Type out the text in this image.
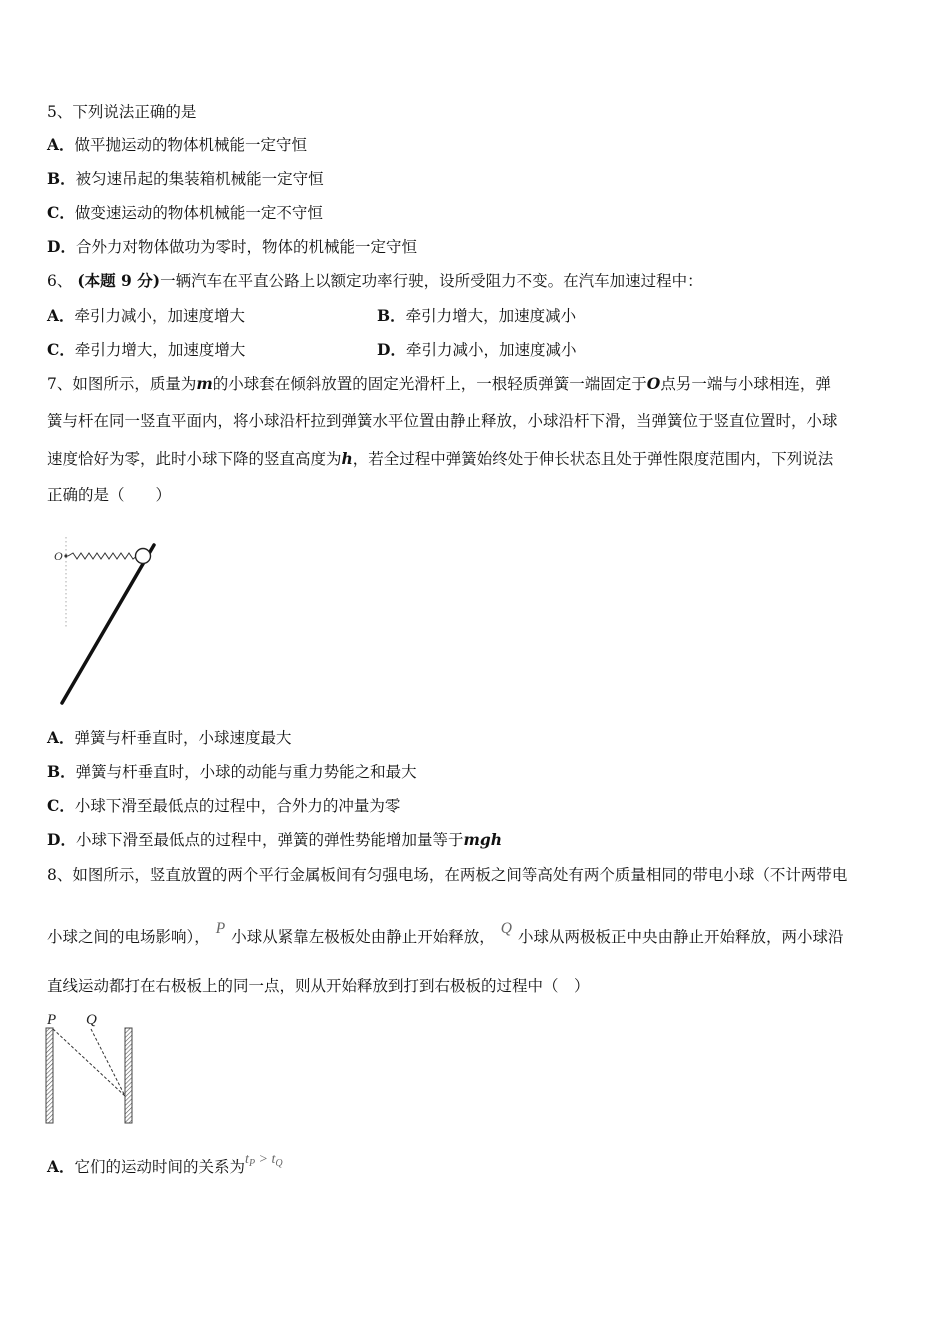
5、下列说法正确的是
A．做平抛运动的物体机械能一定守恒
B．被匀速吊起的集装箱机械能一定守恒
C．做变速运动的物体机械能一定不守恒
D．合外力对物体做功为零时，物体的机械能一定守恒
6、 (本题 9 分)一辆汽车在平直公路上以额定功率行驶，设所受阻力不变。在汽车加速过程中：
A．牵引力减小，加速度增大	B．牵引力增大，加速度减小
C．牵引力增大，加速度增大	D．牵引力减小，加速度减小
7、如图所示，质量为m的小球套在倾斜放置的固定光滑杆上，一根轻质弹簧一端固定于O点另一端与小球相连，弹
簧与杆在同一竖直平面内，将小球沿杆拉到弹簧水平位置由静止释放，小球沿杆下滑，当弹簧位于竖直位置时，小球
速度恰好为零，此时小球下降的竖直高度为h，若全过程中弹簧始终处于伸长状态且处于弹性限度范围内，下列说法
正确的是（　　）
O
A．弹簧与杆垂直时，小球速度最大
B．弹簧与杆垂直时，小球的动能与重力势能之和最大
C．小球下滑至最低点的过程中，合外力的冲量为零
D．小球下滑至最低点的过程中，弹簧的弹性势能增加量等于mgh
8、如图所示，竖直放置的两个平行金属板间有匀强电场，在两板之间等高处有两个质量相同的带电小球（不计两带电
小球之间的电场影响）， P 小球从紧靠左极板处由静止开始释放， Q 小球从两极板正中央由静止开始释放，两小球沿
直线运动都打在右极板上的同一点，则从开始释放到打到右极板的过程中（　）
P Q
A．它们的运动时间的关系为$t_P > t_Q$
